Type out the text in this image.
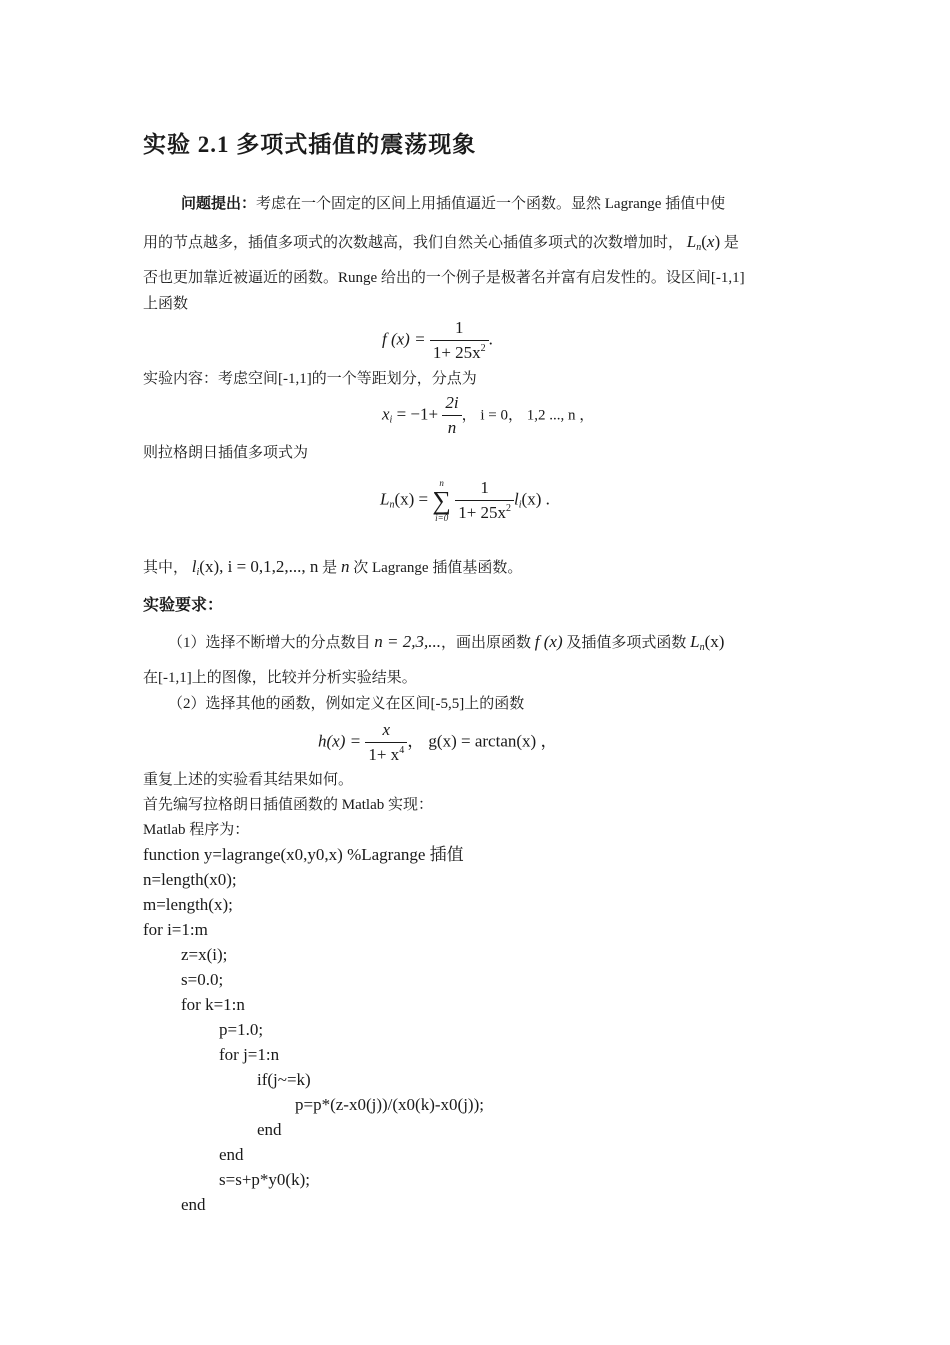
实验 2.1 多项式插值的震荡现象
问题提出：考虑在一个固定的区间上用插值逼近一个函数。显然 Lagrange 插值中使
用的节点越多，插值多项式的次数越高，我们自然关心插值多项式的次数增加时， $L_n(x)$ 是
否也更加靠近被逼近的函数。Runge 给出的一个例子是极著名并富有启发性的。设区间[-1,1]
上函数
f $(x) = \frac{1}{1+ 25x^2}$ .
实验内容：考虑空间[-1,1]的一个等距划分，分点为
$x_i = -1+ \frac{2i}{n}$ ， i = 0， 1,2 ..., n ，
则拉格朗日插值多项式为
$L_n(x)$ =
n
∑
i=0
$\frac{1}{1+ 25x^2} l_i(x)$ .
其中， $l_i(x)$, i = 0,1,2,..., n 是 n 次 Lagrange 插值基函数。
实验要求：
（1）选择不断增大的分点数目 n = 2,3,...，画出原函数 f (x) 及插值多项式函数 $L_n(x)$
在[-1,1]上的图像，比较并分析实验结果。
（2）选择其他的函数，例如定义在区间[-5,5]上的函数
$h(x) = \frac{x}{1+ x^4}$ ， g(x) = arctan(x) ，
重复上述的实验看其结果如何。
首先编写拉格朗日插值函数的 Matlab 实现：
Matlab 程序为：
function y=lagrange(x0,y0,x) %Lagrange 插值
n=length(x0);
m=length(x);
for i=1:m
z=x(i);
s=0.0;
for k=1:n
p=1.0;
for j=1:n
if(j~=k)
p=p*(z-x0(j))/(x0(k)-x0(j));
end
end
s=s+p*y0(k);
end
